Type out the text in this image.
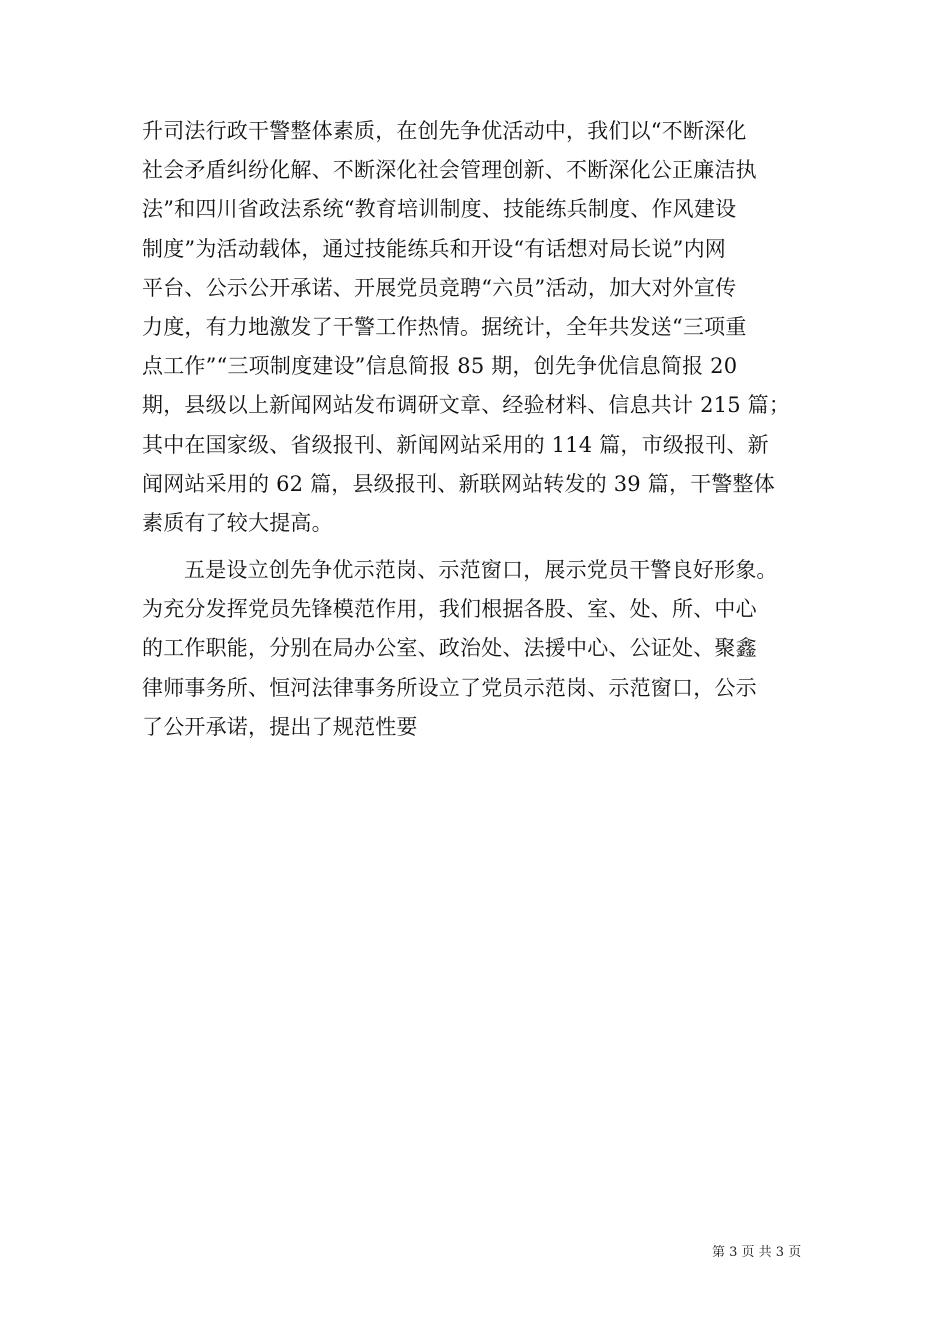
升司法行政干警整体素质，在创先争优活动中，我们以“不断深化
社会矛盾纠纷化解、不断深化社会管理创新、不断深化公正廉洁执
法”和四川省政法系统“教育培训制度、技能练兵制度、作风建设
制度”为活动载体，通过技能练兵和开设“有话想对局长说”内网
平台、公示公开承诺、开展党员竞聘“六员”活动，加大对外宣传
力度，有力地激发了干警工作热情。据统计，全年共发送“三项重
点工作”“三项制度建设”信息简报 85 期，创先争优信息简报 20
期，县级以上新闻网站发布调研文章、经验材料、信息共计 215 篇；
其中在国家级、省级报刊、新闻网站采用的 114 篇，市级报刊、新
闻网站采用的 62 篇，县级报刊、新联网站转发的 39 篇，干警整体
素质有了较大提高。
五是设立创先争优示范岗、示范窗口，展示党员干警良好形象。
为充分发挥党员先锋模范作用，我们根据各股、室、处、所、中心
的工作职能，分别在局办公室、政治处、法援中心、公证处、聚鑫
律师事务所、恒河法律事务所设立了党员示范岗、示范窗口，公示
了公开承诺，提出了规范性要
第 3 页 共 3 页
